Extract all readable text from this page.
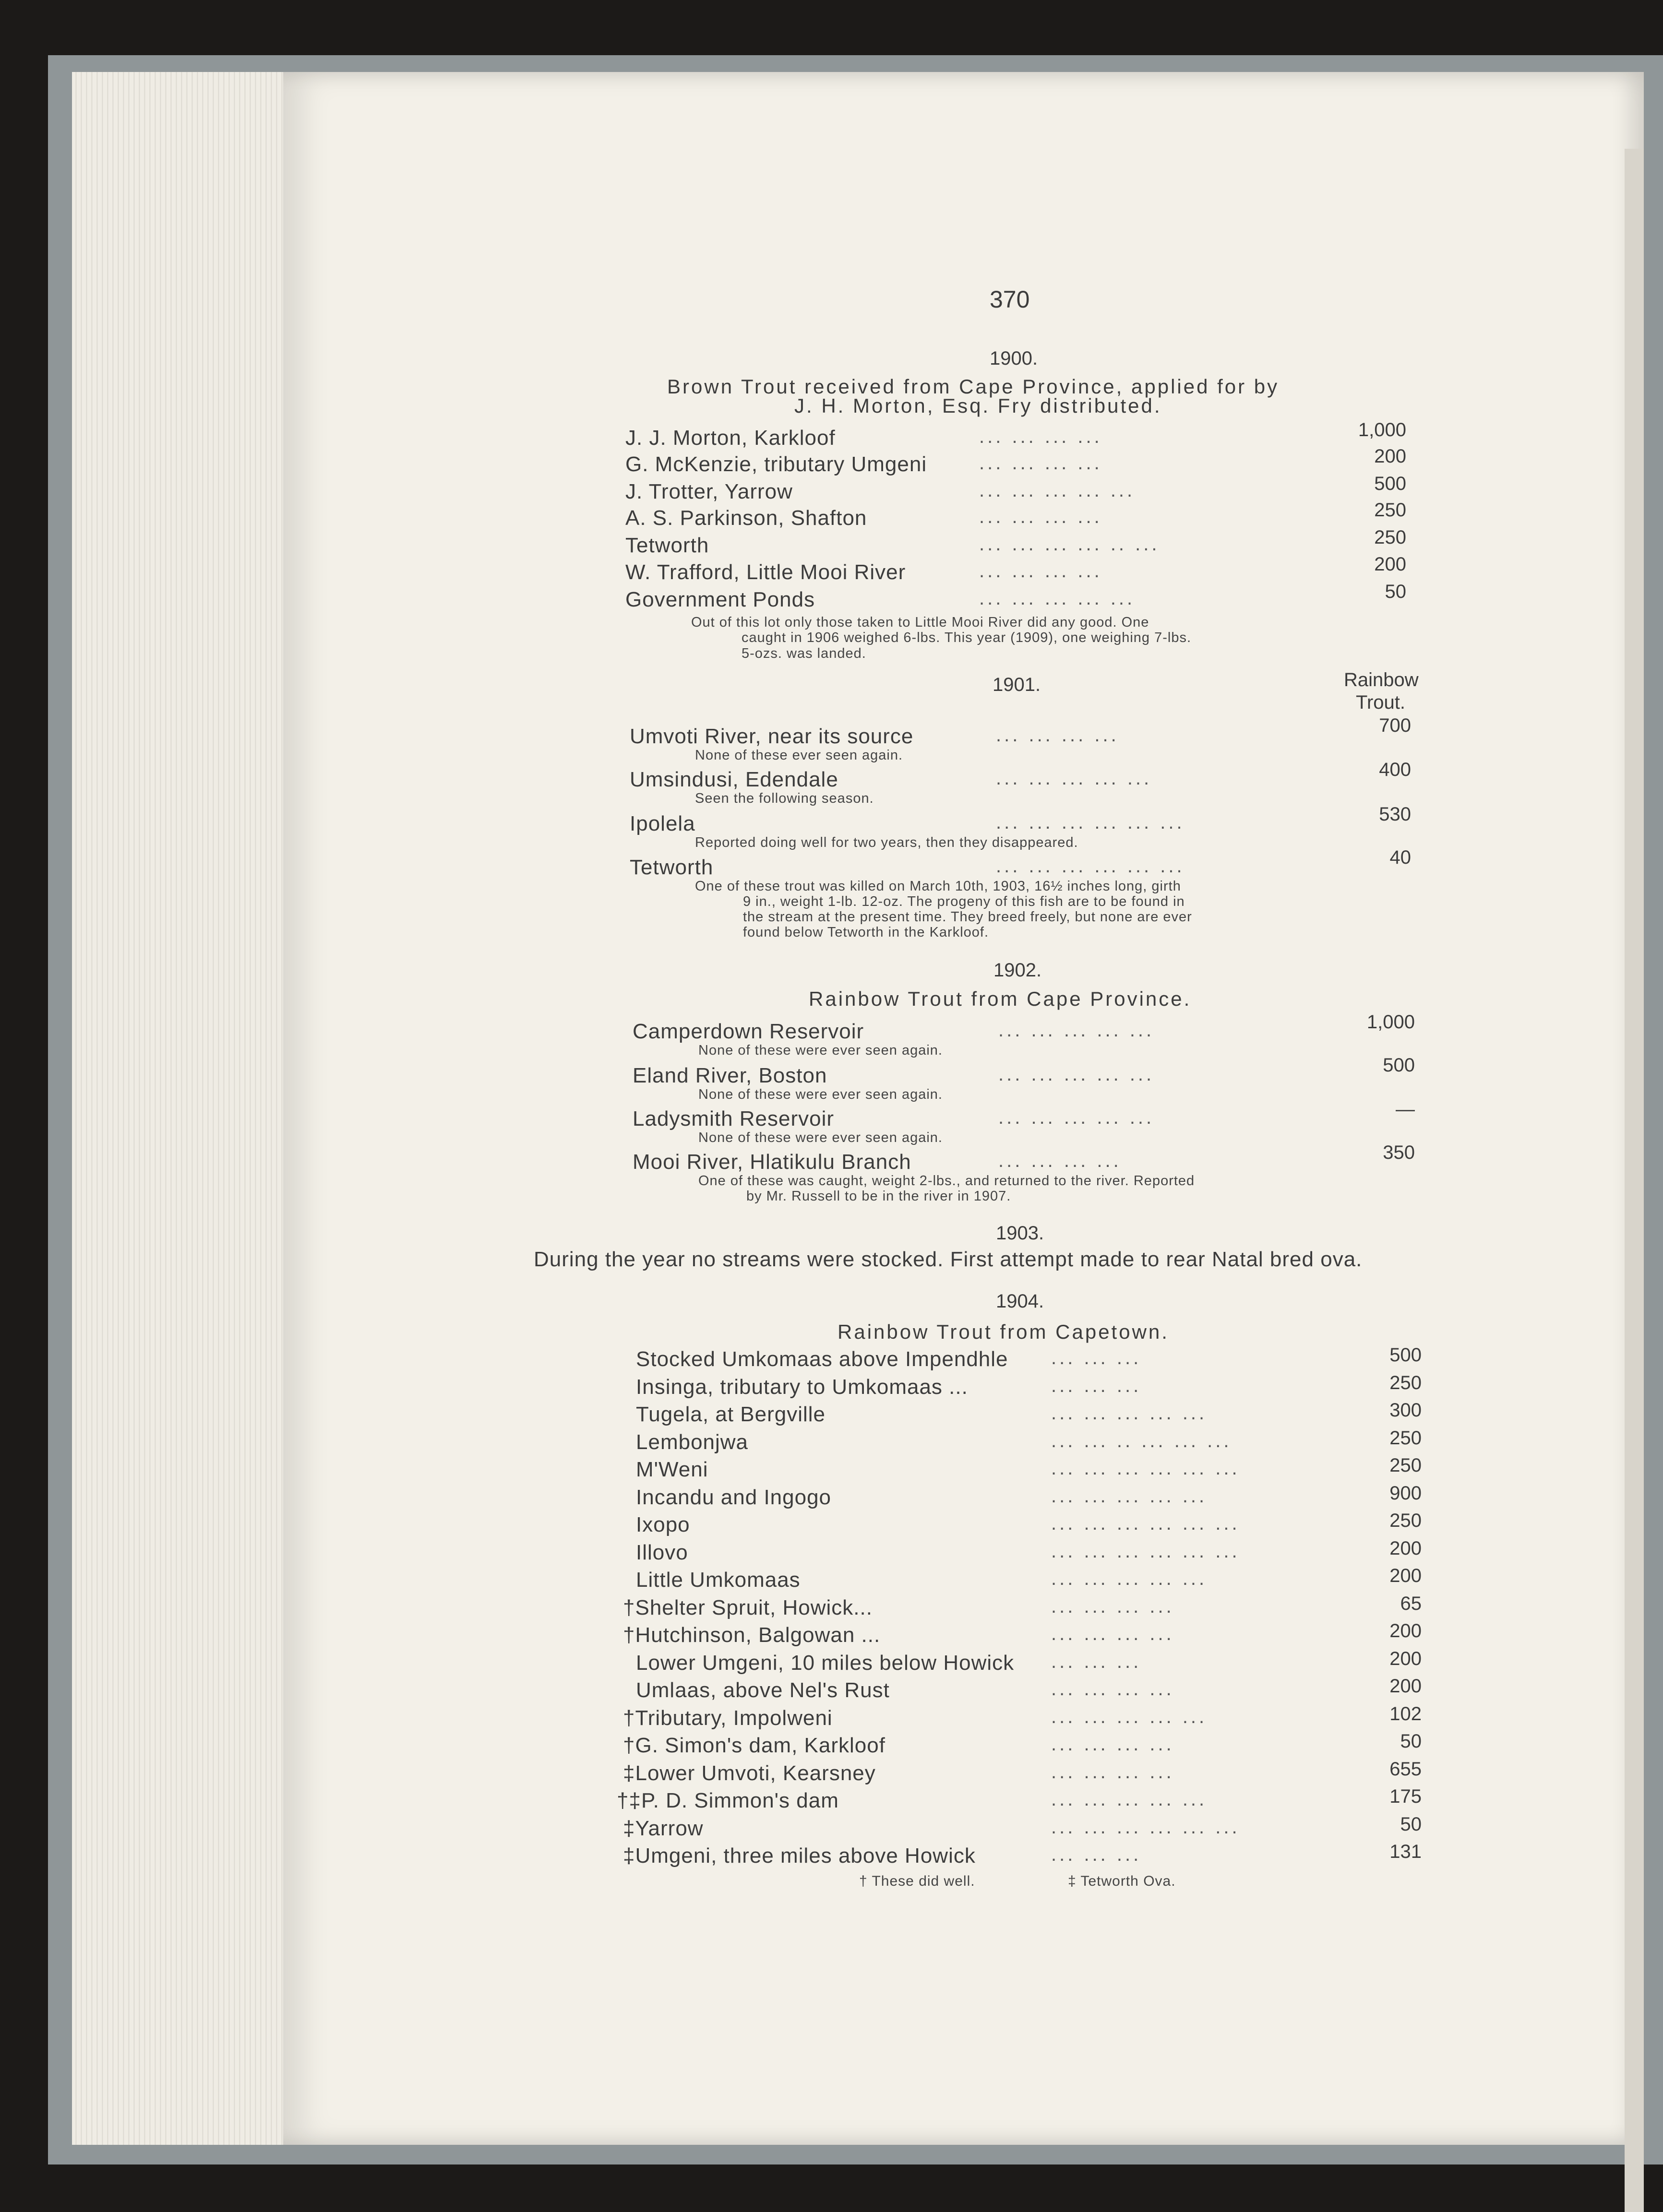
370
1900.
Brown Trout received from Cape Province, applied for by
J. H. Morton, Esq. Fry distributed.
J. J. Morton, Karkloof	... ... ... ...	1,000
G. McKenzie, tributary Umgeni	... ... ... ...	200
J. Trotter, Yarrow	... ... ... ... ...	500
A. S. Parkinson, Shafton	... ... ... ...	250
Tetworth	... ... ... ... .. ...	250
W. Trafford, Little Mooi River	... ... ... ...	200
Government Ponds	... ... ... ... ...	50
Out of this lot only those taken to Little Mooi River did any good. One
caught in 1906 weighed 6-lbs. This year (1909), one weighing 7-lbs.
5-ozs. was landed.
1901.	Rainbow
Trout.
Umvoti River, near its source	... ... ... ...	700
None of these ever seen again.
Umsindusi, Edendale	... ... ... ... ...	400
Seen the following season.
Ipolela	... ... ... ... ... ...	530
Reported doing well for two years, then they disappeared.
Tetworth	... ... ... ... ... ...	40
One of these trout was killed on March 10th, 1903, 16½ inches long, girth
9 in., weight 1-lb. 12-oz. The progeny of this fish are to be found in
the stream at the present time. They breed freely, but none are ever
found below Tetworth in the Karkloof.
1902.
Rainbow Trout from Cape Province.
Camperdown Reservoir	... ... ... ... ...	1,000
None of these were ever seen again.
Eland River, Boston	... ... ... ... ...	500
None of these were ever seen again.
Ladysmith Reservoir	... ... ... ... ...	—
None of these were ever seen again.
Mooi River, Hlatikulu Branch	... ... ... ...	350
One of these was caught, weight 2-lbs., and returned to the river. Reported
by Mr. Russell to be in the river in 1907.
1903.
During the year no streams were stocked. First attempt made to rear Natal bred ova.
1904.
Rainbow Trout from Capetown.
Stocked Umkomaas above Impendhle ... ... ...	500
Insinga, tributary to Umkomaas ...	... ... ...	250
Tugela, at Bergville	... ... ... ... ...	300
Lembonjwa	... ... .. ... ... ...	250
M'Weni	... ... ... ... ... ...	250
Incandu and Ingogo	... ... ... ... ...	900
Ixopo	... ... ... ... ... ...	250
Illovo	... ... ... ... ... ...	200
Little Umkomaas	... ... ... ... ...	200
†Shelter Spruit, Howick...	... ... ... ...	65
†Hutchinson, Balgowan ...	... ... ... ...	200
Lower Umgeni, 10 miles below Howick ... ... ...	200
Umlaas, above Nel's Rust	... ... ... ...	200
†Tributary, Impolweni	... ... ... ... ...	102
†G. Simon's dam, Karkloof	... ... ... ...	50
‡Lower Umvoti, Kearsney	... ... ... ...	655
†‡P. D. Simmon's dam	... ... ... ... ...	175
‡Yarrow	... ... ... ... ... ...	50
‡Umgeni, three miles above Howick	... ... ...	131
† These did well.	‡ Tetworth Ova.
